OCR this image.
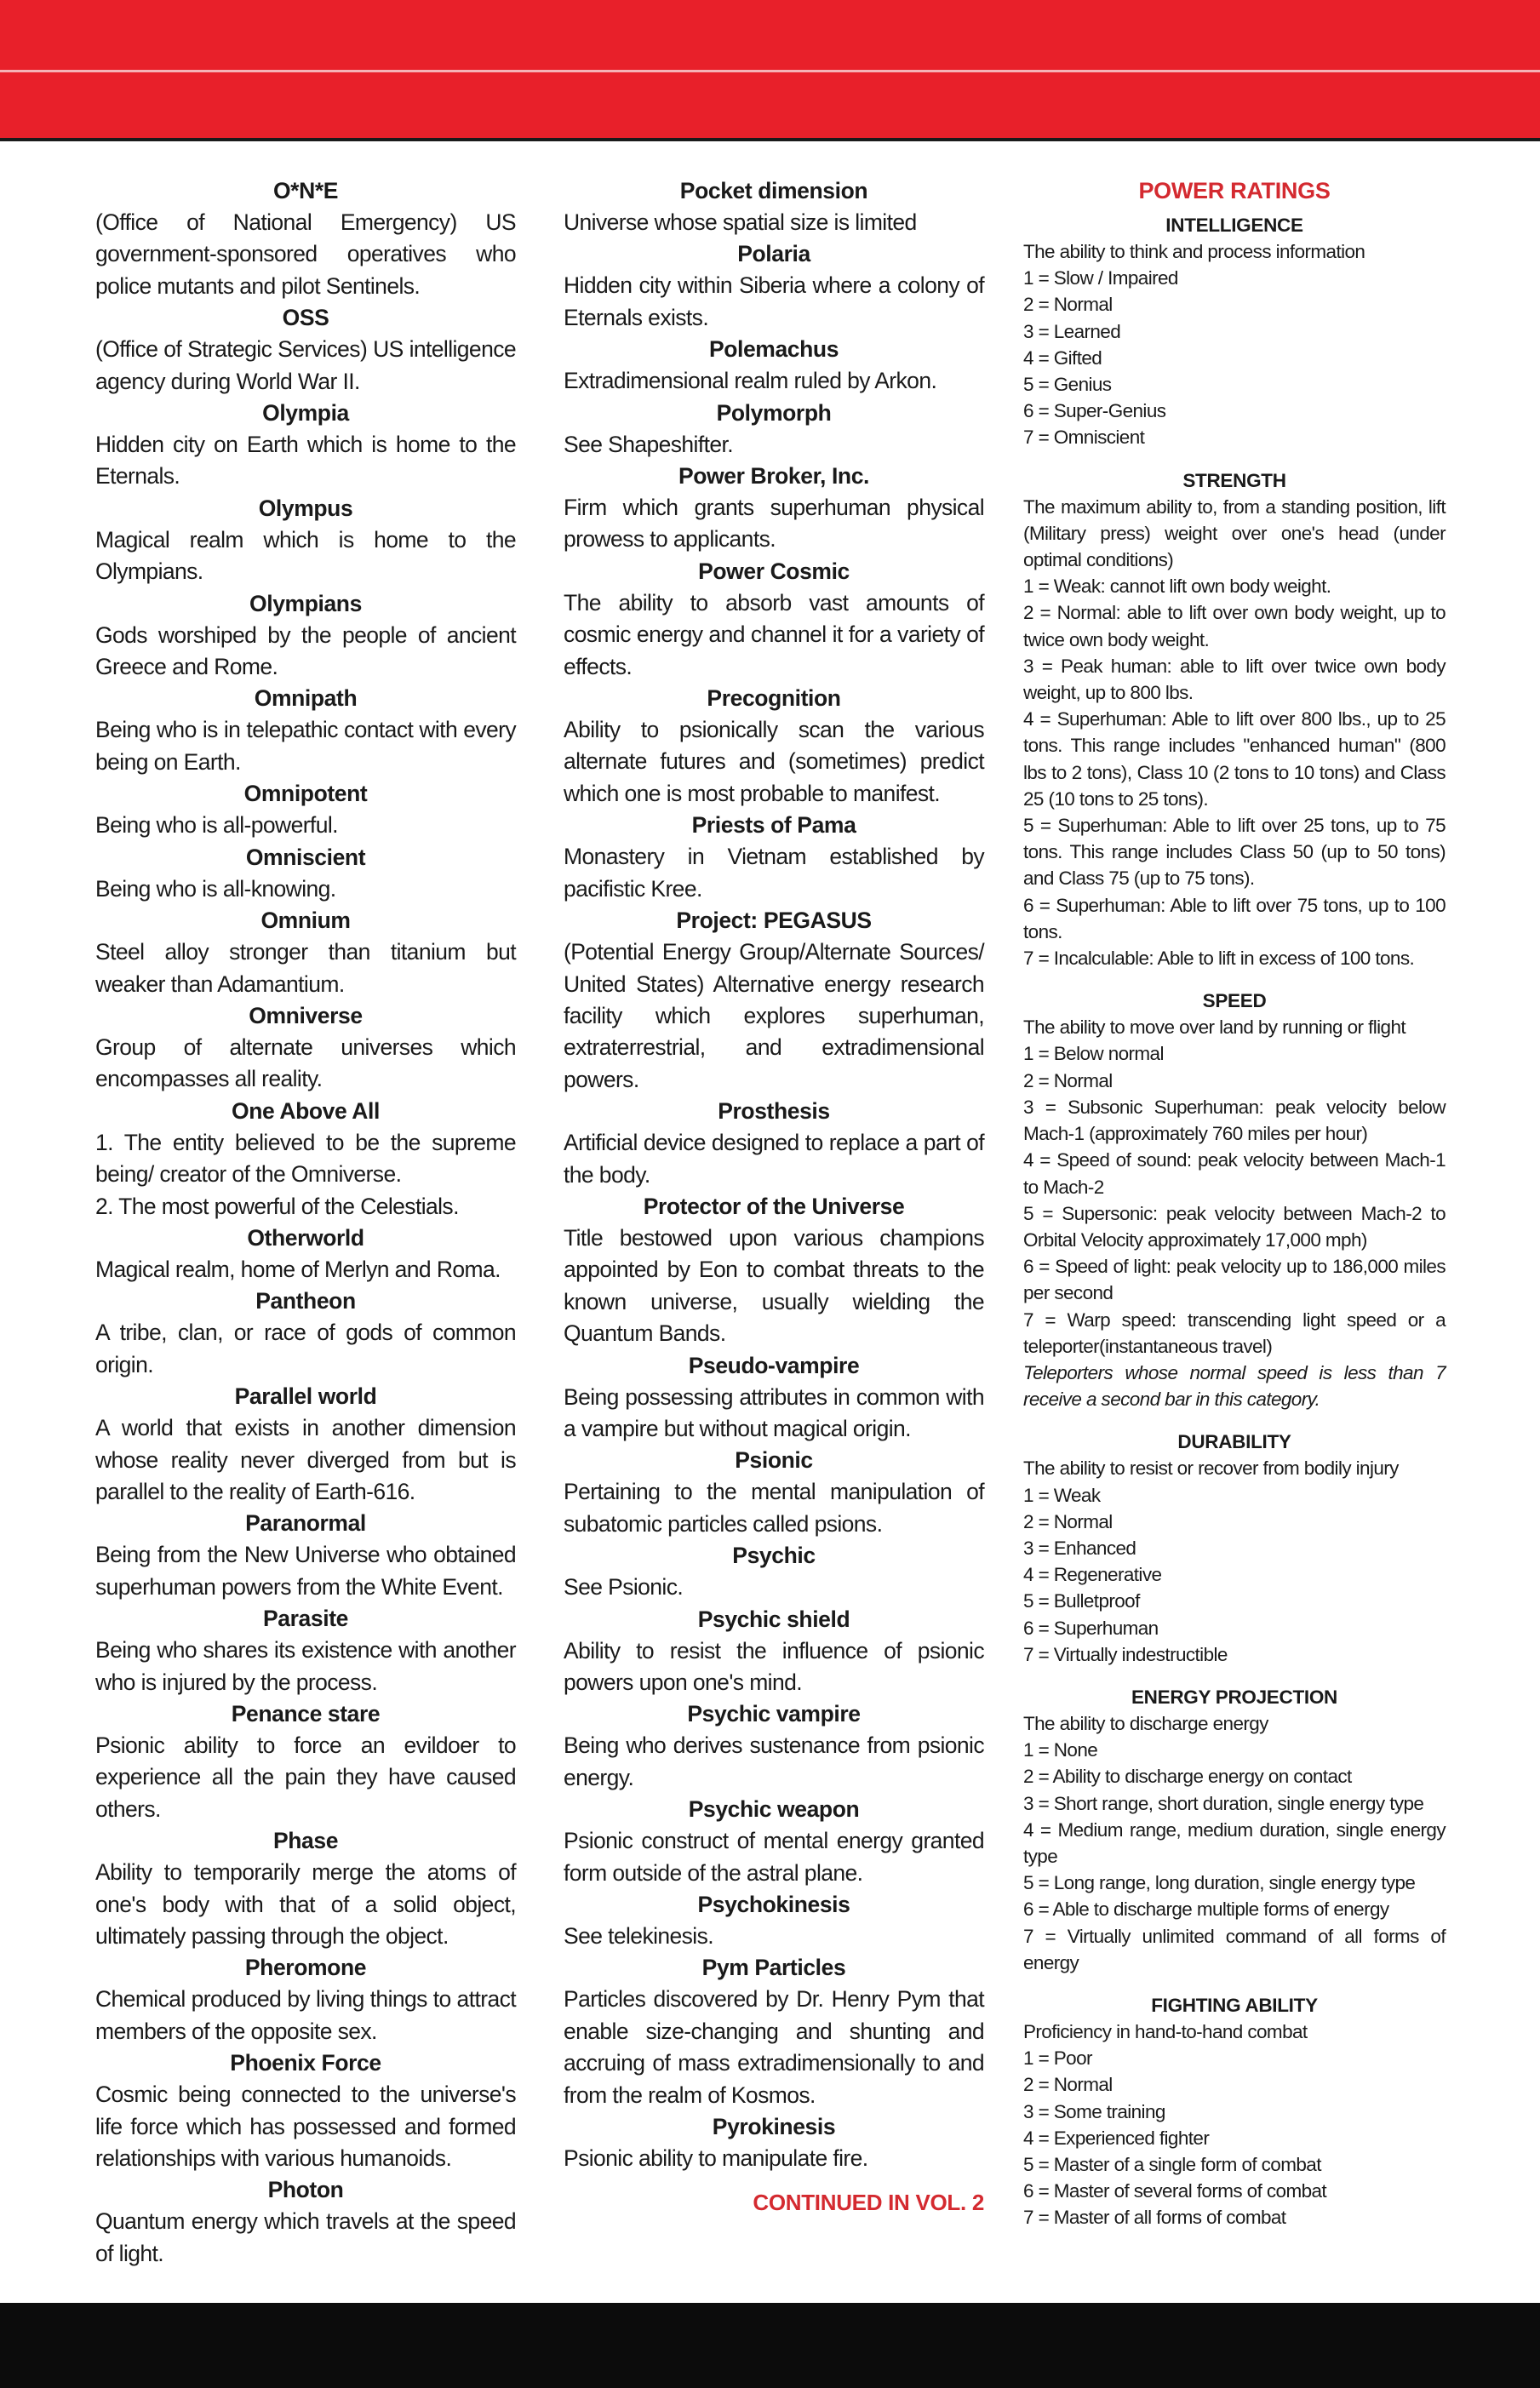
O*N*E

(Office of National Emergency) US government-sponsored operatives who police mutants and pilot Sentinels.

OSS

(Office of Strategic Services) US intelligence agency during World War II.

Olympia

Hidden city on Earth which is home to the Eternals.

Olympus

Magical realm which is home to the Olympians.

Olympians

Gods worshiped by the people of ancient Greece and Rome.

Omnipath

Being who is in telepathic contact with every being on Earth.

Omnipotent

Being who is all-powerful.

Omniscient

Being who is all-knowing.

Omnium

Steel alloy stronger than titanium but weaker than Adamantium.

Omniverse

Group of alternate universes which encompasses all reality.

One Above All

1. The entity believed to be the supreme being/ creator of the Omniverse.

2. The most powerful of the Celestials.

Otherworld

Magical realm, home of Merlyn and Roma.

Pantheon

A tribe, clan, or race of gods of common origin.

Parallel world

A world that exists in another dimension whose reality never diverged from but is parallel to the reality of Earth-616.

Paranormal

Being from the New Universe who obtained superhuman powers from the White Event.

Parasite

Being who shares its existence with another who is injured by the process.

Penance stare

Psionic ability to force an evildoer to experience all the pain they have caused others.

Phase

Ability to temporarily merge the atoms of one's body with that of a solid object, ultimately passing through the object.

Pheromone

Chemical produced by living things to attract members of the opposite sex.

Phoenix Force

Cosmic being connected to the universe's life force which has possessed and formed relationships with various humanoids.

Photon

Quantum energy which travels at the speed of light.

Pocket dimension

Universe whose spatial size is limited

Polaria

Hidden city within Siberia where a colony of Eternals exists.

Polemachus

Extradimensional realm ruled by Arkon.

Polymorph

See Shapeshifter.

Power Broker, Inc.

Firm which grants superhuman physical prowess to applicants.

Power Cosmic

The ability to absorb vast amounts of cosmic energy and channel it for a variety of effects.

Precognition

Ability to psionically scan the various alternate futures and (sometimes) predict which one is most probable to manifest.

Priests of Pama

Monastery in Vietnam established by pacifistic Kree.

Project: PEGASUS

(Potential Energy Group/Alternate Sources/ United States) Alternative energy research facility which explores superhuman, extraterrestrial, and extradimensional powers.

Prosthesis

Artificial device designed to replace a part of the body.

Protector of the Universe

Title bestowed upon various champions appointed by Eon to combat threats to the known universe, usually wielding the Quantum Bands.

Pseudo-vampire

Being possessing attributes in common with a vampire but without magical origin.

Psionic

Pertaining to the mental manipulation of subatomic particles called psions.

Psychic

See Psionic.

Psychic shield

Ability to resist the influence of psionic powers upon one's mind.

Psychic vampire

Being who derives sustenance from psionic energy.

Psychic weapon

Psionic construct of mental energy granted form outside of the astral plane.

Psychokinesis

See telekinesis.

Pym Particles

Particles discovered by Dr. Henry Pym that enable size-changing and shunting and accruing of mass extradimensionally to and from the realm of Kosmos.

Pyrokinesis

Psionic ability to manipulate fire.

CONTINUED IN VOL. 2
POWER RATINGS
INTELLIGENCE
The ability to think and process information
1 = Slow / Impaired
2 = Normal
3 = Learned
4 = Gifted
5 = Genius
6 = Super-Genius
7 = Omniscient
STRENGTH
The maximum ability to, from a standing position, lift (Military press) weight over one's head (under optimal conditions)
1 = Weak: cannot lift own body weight.
2 = Normal: able to lift over own body weight, up to twice own body weight.
3 = Peak human: able to lift over twice own body weight, up to 800 lbs.
4 = Superhuman: Able to lift over 800 lbs., up to 25 tons. This range includes "enhanced human" (800 lbs to 2 tons), Class 10 (2 tons to 10 tons) and Class 25 (10 tons to 25 tons).
5 = Superhuman: Able to lift over 25 tons, up to 75 tons. This range includes Class 50 (up to 50 tons) and Class 75 (up to 75 tons).
6 = Superhuman: Able to lift over 75 tons, up to 100 tons.
7 = Incalculable: Able to lift in excess of 100 tons.
SPEED
The ability to move over land by running or flight
1 = Below normal
2 = Normal
3 = Subsonic Superhuman: peak velocity below Mach-1 (approximately 760 miles per hour)
4 = Speed of sound: peak velocity between Mach-1 to Mach-2
5 = Supersonic: peak velocity between Mach-2 to Orbital Velocity approximately 17,000 mph)
6 = Speed of light: peak velocity up to 186,000 miles per second
7 = Warp speed: transcending light speed or a teleporter(instantaneous travel)
Teleporters whose normal speed is less than 7 receive a second bar in this category.
DURABILITY
The ability to resist or recover from bodily injury
1 = Weak
2 = Normal
3 = Enhanced
4 = Regenerative
5 = Bulletproof
6 = Superhuman
7 = Virtually indestructible
ENERGY PROJECTION
The ability to discharge energy
1 = None
2 = Ability to discharge energy on contact
3 = Short range, short duration, single energy type
4 = Medium range, medium duration, single energy type
5 = Long range, long duration, single energy type
6 = Able to discharge multiple forms of energy
7 = Virtually unlimited command of all forms of energy
FIGHTING ABILITY
Proficiency in hand-to-hand combat
1 = Poor
2 = Normal
3 = Some training
4 = Experienced fighter
5 = Master of a single form of combat
6 = Master of several forms of combat
7 = Master of all forms of combat
